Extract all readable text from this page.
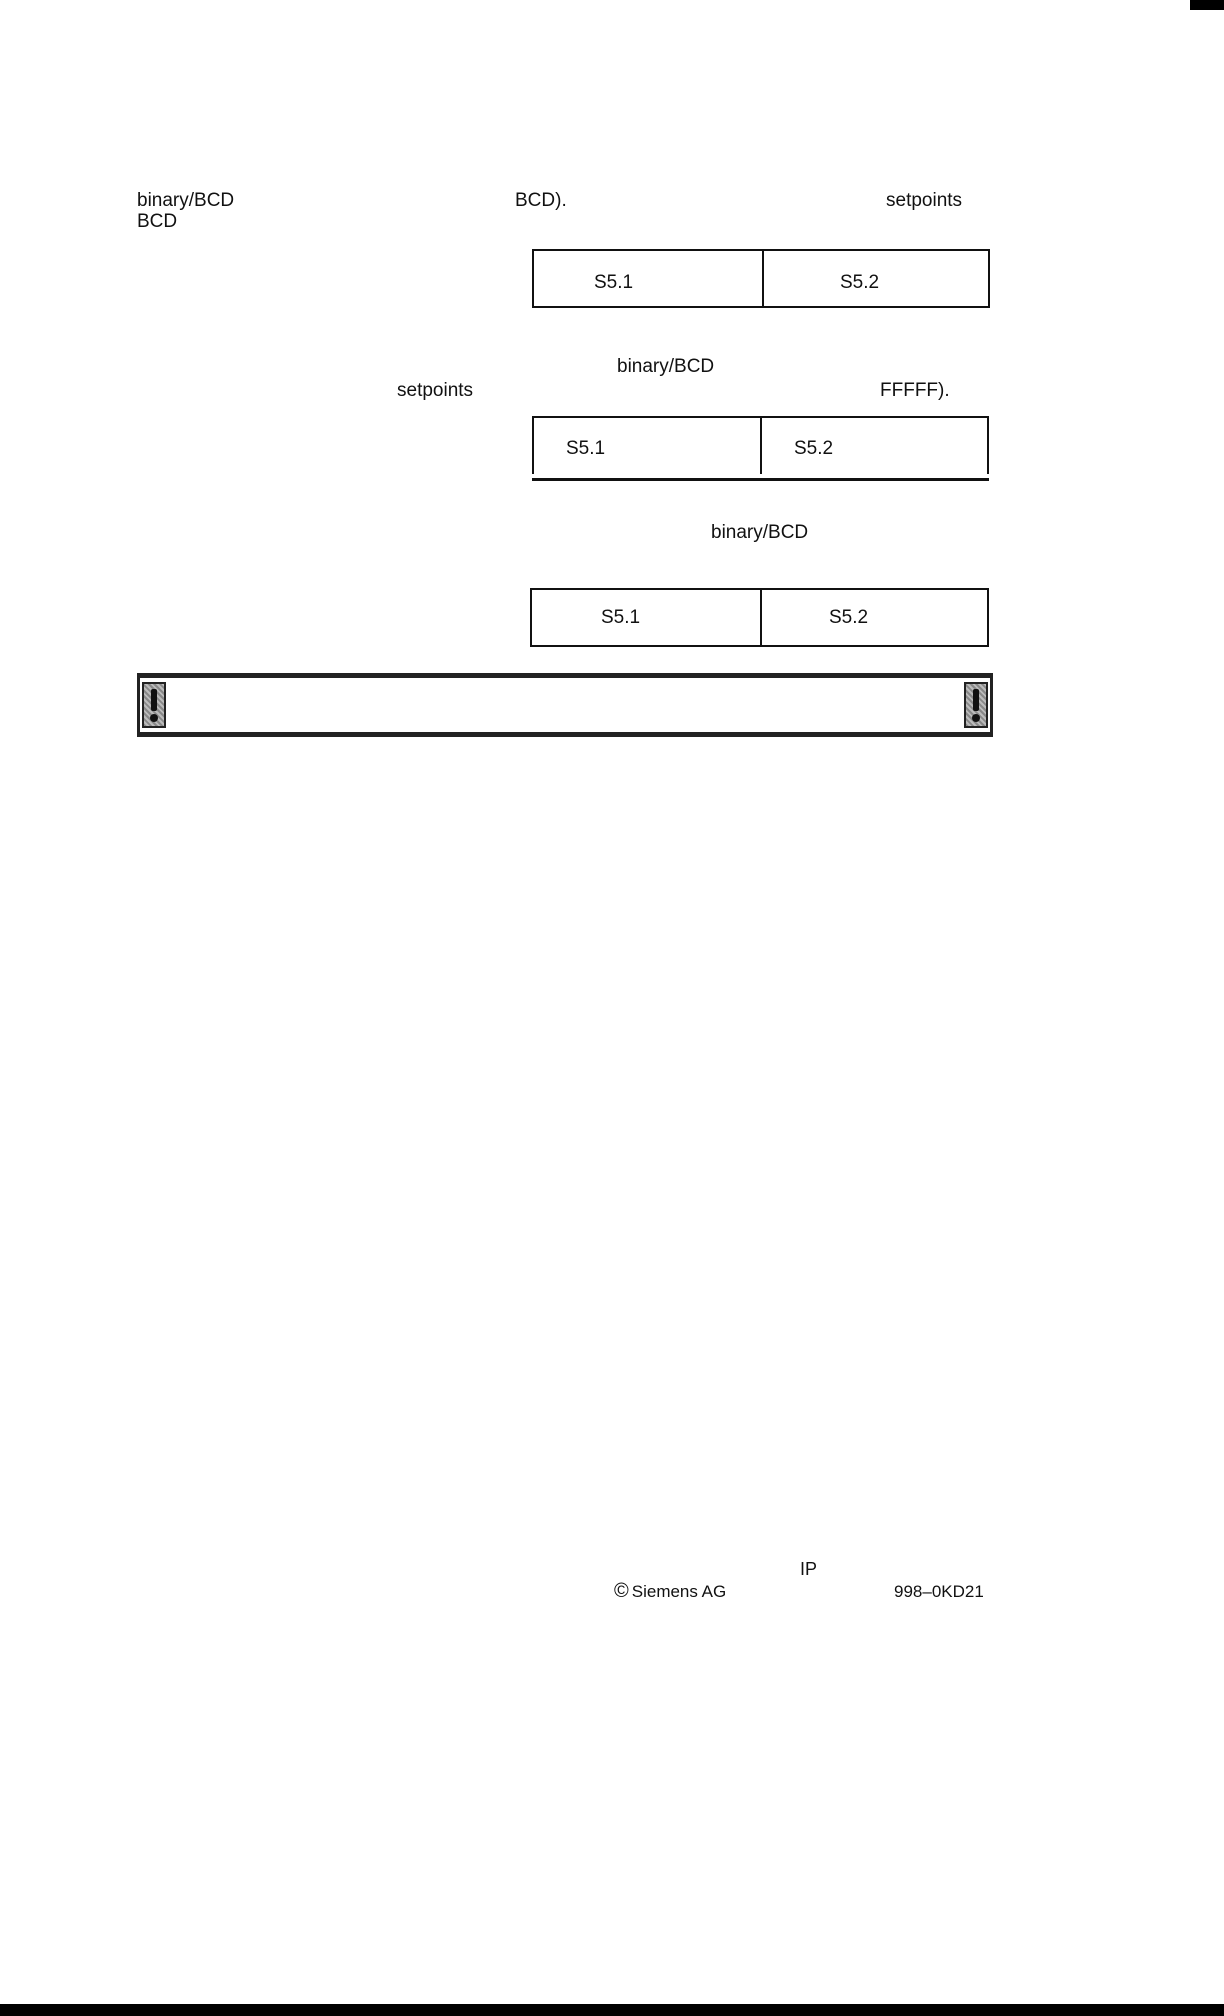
binary/BCD	BCD).	setpoints
BCD
S5.1	S5.2
binary/BCD
setpoints	FFFFF).
S5.1	S5.2
binary/BCD
S5.1	S5.2
IP
© Siemens AG	998–0KD21
